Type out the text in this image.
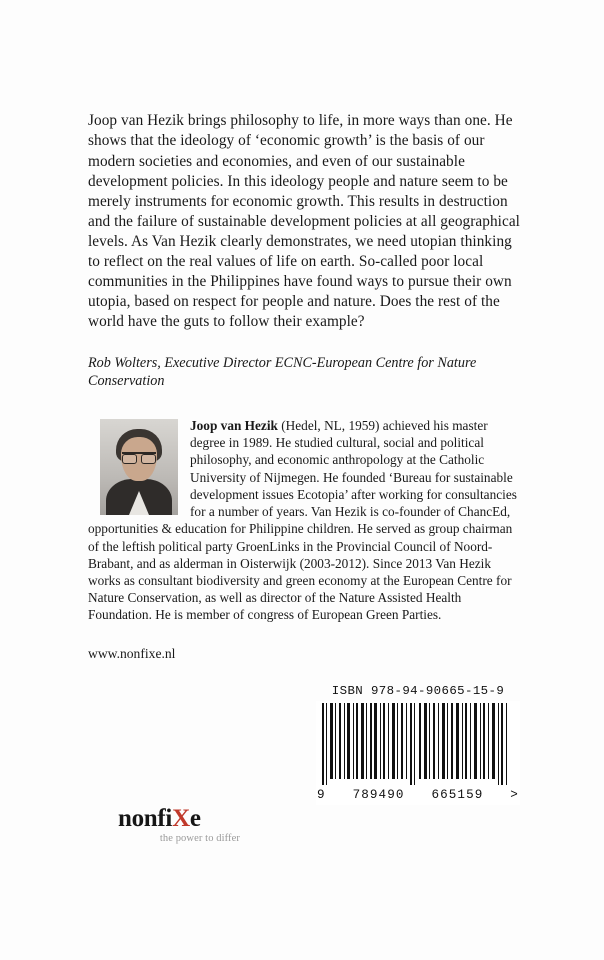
Joop van Hezik brings philosophy to life, in more ways than one. He shows that the ideology of ‘economic growth’ is the basis of our modern societies and economies, and even of our sustainable development policies. In this ideology people and nature seem to be merely instruments for economic growth. This results in destruction and the failure of sustainable development policies at all geographical levels. As Van Hezik clearly demonstrates, we need utopian thinking to reflect on the real values of life on earth. So-called poor local communities in the Philippines have found ways to pursue their own utopia, based on respect for people and nature. Does the rest of the world have the guts to follow their example?

Rob Wolters, Executive Director ECNC-European Centre for Nature Conservation

Joop van Hezik (Hedel, NL, 1959) achieved his master degree in 1989. He studied cultural, social and political philosophy, and economic anthropology at the Catholic University of Nijmegen. He founded ‘Bureau for sustainable development issues Ecotopia’ after working for consultancies for a number of years. Van Hezik is co-founder of ChancEd, opportunities & education for Philippine children. He served as group chairman of the leftish political party GroenLinks in the Provincial Council of Noord-Brabant, and as alderman in Oisterwijk (2003-2012). Since 2013 Van Hezik works as consultant biodiversity and green economy at the European Centre for Nature Conservation, as well as director of the Nature Assisted Health Foundation. He is member of congress of European Green Parties.
www.nonfixe.nl
ISBN 978-94-90665-15-9
9 789490 665159 >
nonfiXe
the power to differ
